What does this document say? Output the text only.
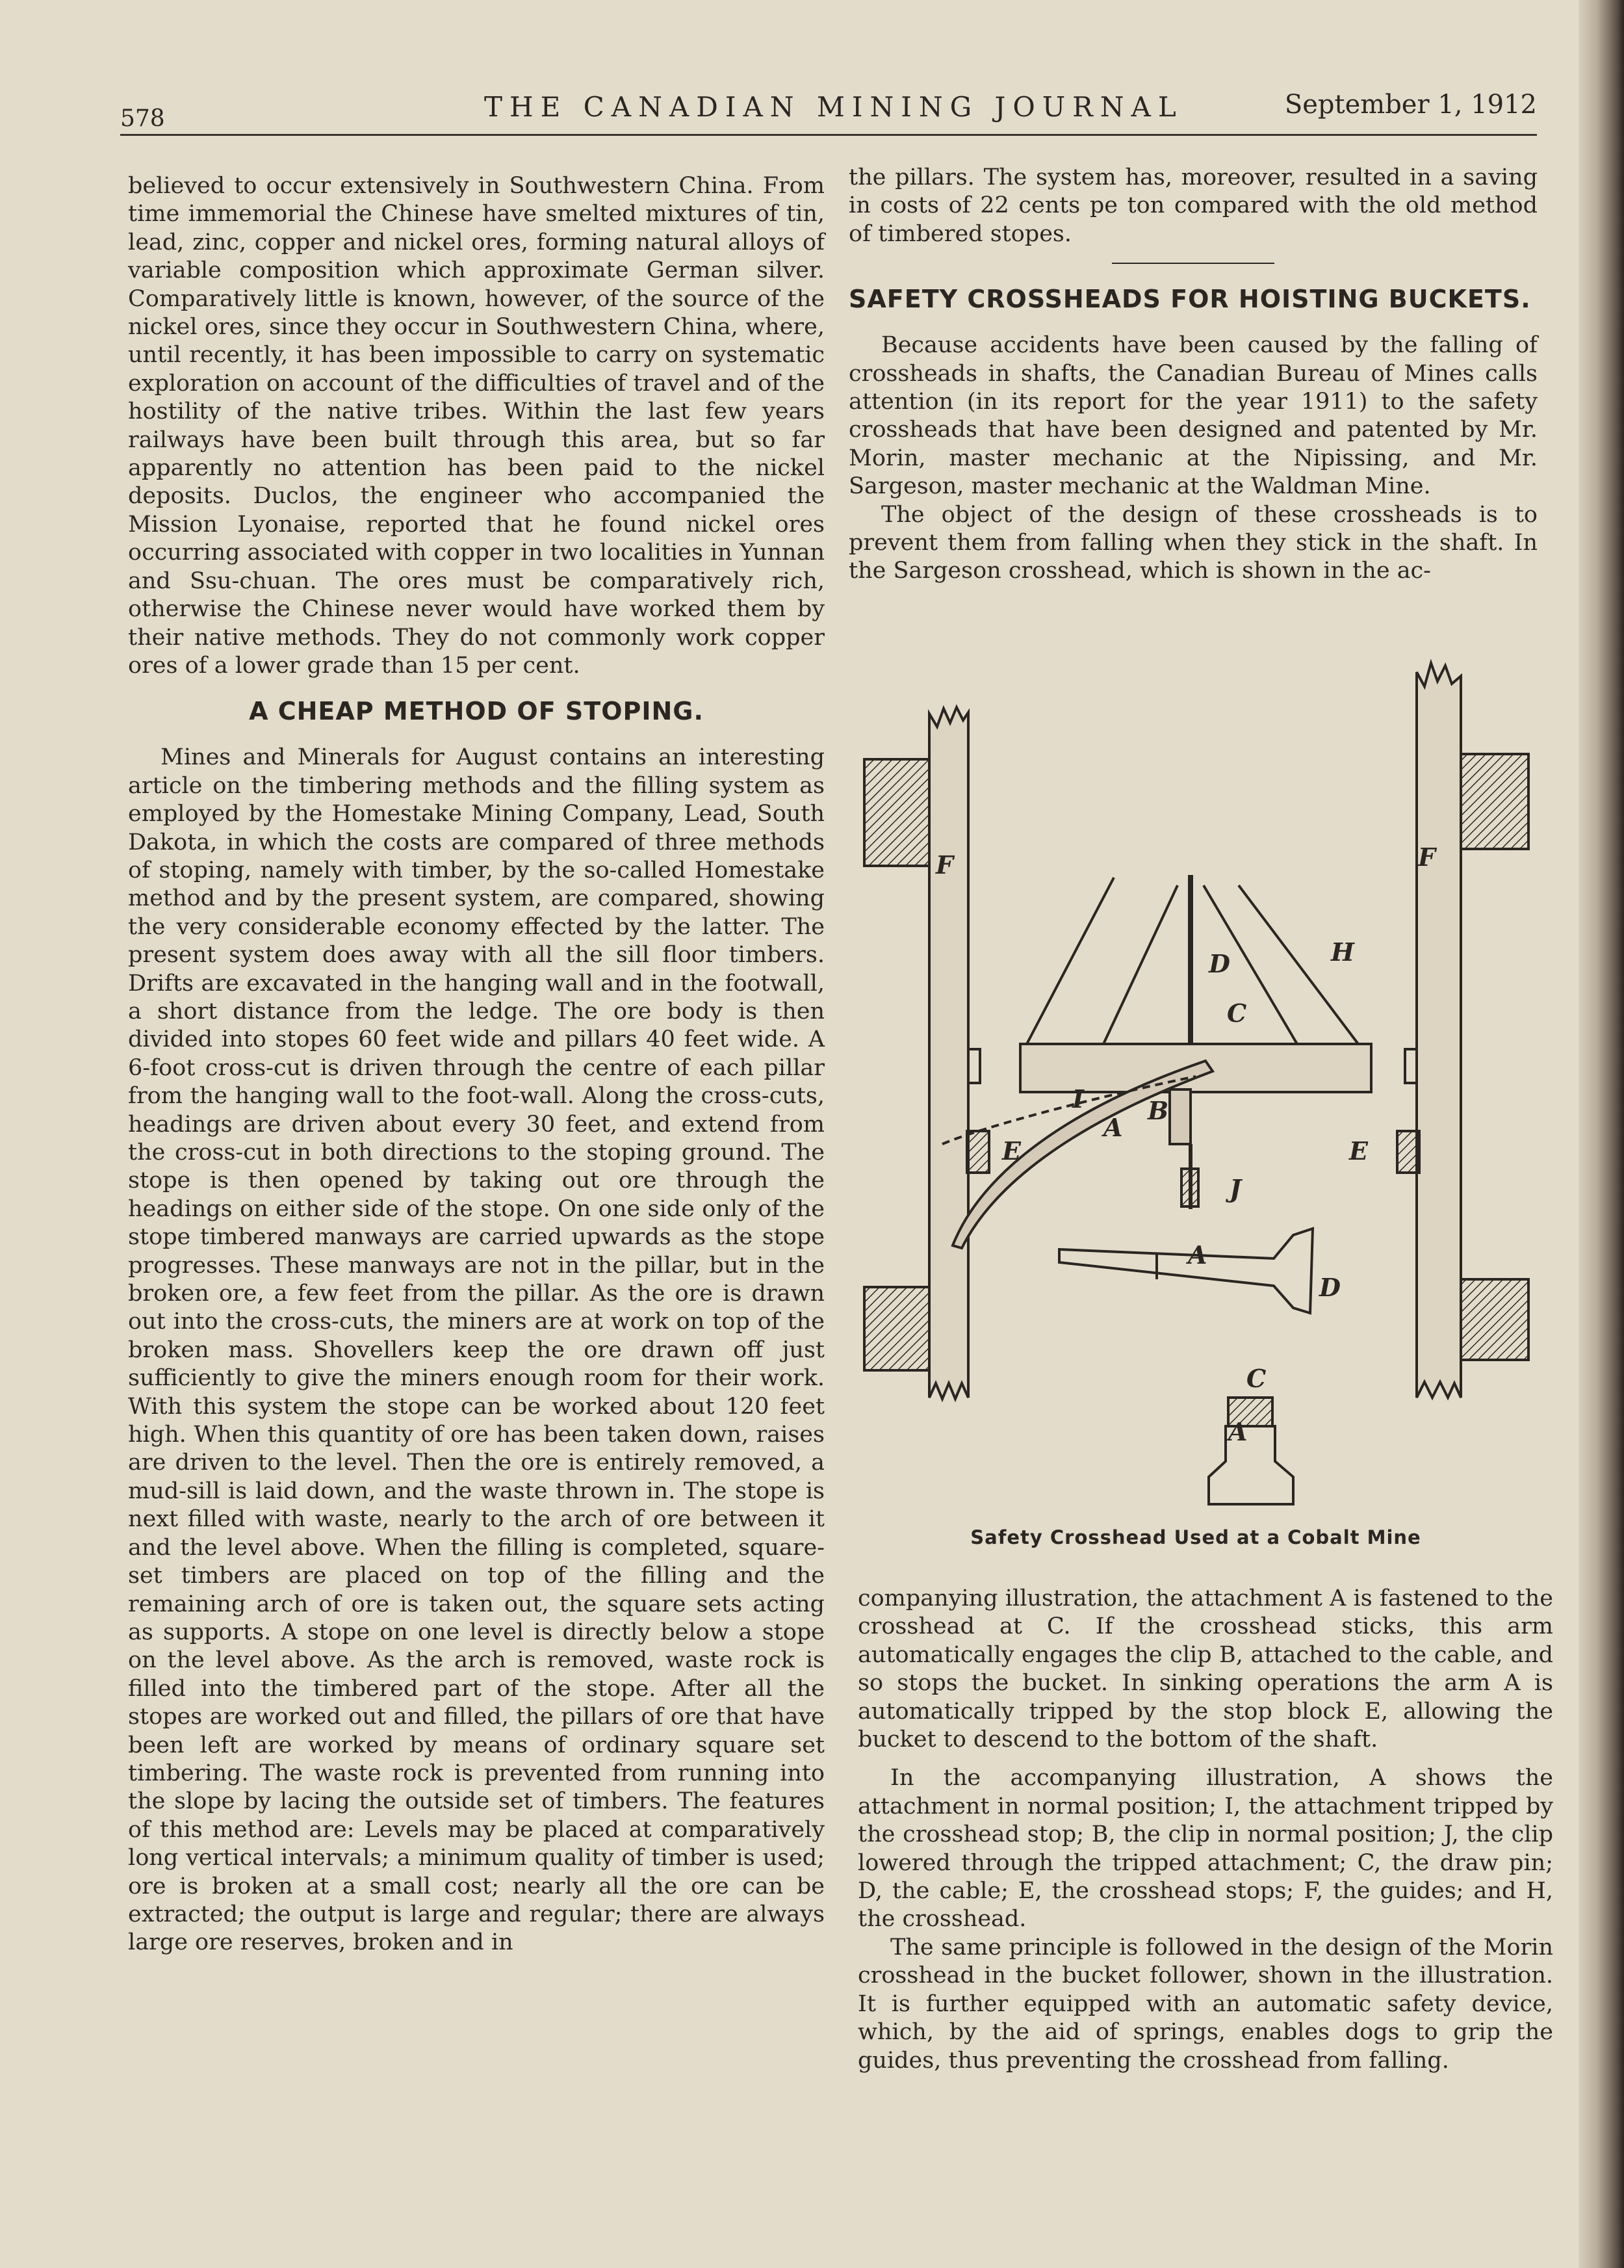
578	THE CANADIAN MINING JOURNAL	September 1, 1912

believed to occur extensively in Southwestern China. From time immemorial the Chinese have smelted mixtures of tin, lead, zinc, copper and nickel ores, forming natural alloys of variable composition which approximate German silver. Comparatively little is known, however, of the source of the nickel ores, since they occur in Southwestern China, where, until recently, it has been impossible to carry on systematic exploration on account of the difficulties of travel and of the hostility of the native tribes. Within the last few years railways have been built through this area, but so far apparently no attention has been paid to the nickel deposits. Duclos, the engineer who accompanied the Mission Lyonaise, reported that he found nickel ores occurring associated with copper in two localities in Yunnan and Ssu-chuan. The ores must be comparatively rich, otherwise the Chinese never would have worked them by their native methods. They do not commonly work copper ores of a lower grade than 15 per cent.

A CHEAP METHOD OF STOPING.

Mines and Minerals for August contains an interesting article on the timbering methods and the filling system as employed by the Homestake Mining Company, Lead, South Dakota, in which the costs are compared of three methods of stoping, namely with timber, by the so-called Homestake method and by the present system, are compared, showing the very considerable economy effected by the latter. The present system does away with all the sill floor timbers. Drifts are excavated in the hanging wall and in the footwall, a short distance from the ledge. The ore body is then divided into stopes 60 feet wide and pillars 40 feet wide. A 6-foot cross-cut is driven through the centre of each pillar from the hanging wall to the foot-wall. Along the cross-cuts, headings are driven about every 30 feet, and extend from the cross-cut in both directions to the stoping ground. The stope is then opened by taking out ore through the headings on either side of the stope. On one side only of the stope timbered manways are carried upwards as the stope progresses. These manways are not in the pillar, but in the broken ore, a few feet from the pillar. As the ore is drawn out into the cross-cuts, the miners are at work on top of the broken mass. Shovellers keep the ore drawn off just sufficiently to give the miners enough room for their work. With this system the stope can be worked about 120 feet high. When this quantity of ore has been taken down, raises are driven to the level. Then the ore is entirely removed, a mud-sill is laid down, and the waste thrown in. The stope is next filled with waste, nearly to the arch of ore between it and the level above. When the filling is completed, square-set timbers are placed on top of the filling and the remaining arch of ore is taken out, the square sets acting as supports. A stope on one level is directly below a stope on the level above. As the arch is removed, waste rock is filled into the timbered part of the stope. After all the stopes are worked out and filled, the pillars of ore that have been left are worked by means of ordinary square set timbering. The waste rock is prevented from running into the slope by lacing the outside set of timbers. The features of this method are: Levels may be placed at comparatively long vertical intervals; a minimum quality of timber is used; ore is broken at a small cost; nearly all the ore can be extracted; the output is large and regular; there are always large ore reserves, broken and in

the pillars. The system has, moreover, resulted in a saving in costs of 22 cents pe ton compared with the old method of timbered stopes.

SAFETY CROSSHEADS FOR HOISTING BUCKETS.

Because accidents have been caused by the falling of crossheads in shafts, the Canadian Bureau of Mines calls attention (in its report for the year 1911) to the safety crossheads that have been designed and patented by Mr. Morin, master mechanic at the Nipissing, and Mr. Sargeson, master mechanic at the Waldman Mine.

The object of the design of these crossheads is to prevent them from falling when they stick in the shaft. In the Sargeson crosshead, which is shown in the ac-

F	F
D	H
C
I
A
B
E	E
J
A
D
C
A
Safety Crosshead Used at a Cobalt Mine

companying illustration, the attachment A is fastened to the crosshead at C. If the crosshead sticks, this arm automatically engages the clip B, attached to the cable, and so stops the bucket. In sinking operations the arm A is automatically tripped by the stop block E, allowing the bucket to descend to the bottom of the shaft.

In the accompanying illustration, A shows the attachment in normal position; I, the attachment tripped by the crosshead stop; B, the clip in normal position; J, the clip lowered through the tripped attachment; C, the draw pin; D, the cable; E, the crosshead stops; F, the guides; and H, the crosshead.

The same principle is followed in the design of the Morin crosshead in the bucket follower, shown in the illustration. It is further equipped with an automatic safety device, which, by the aid of springs, enables dogs to grip the guides, thus preventing the crosshead from falling.
